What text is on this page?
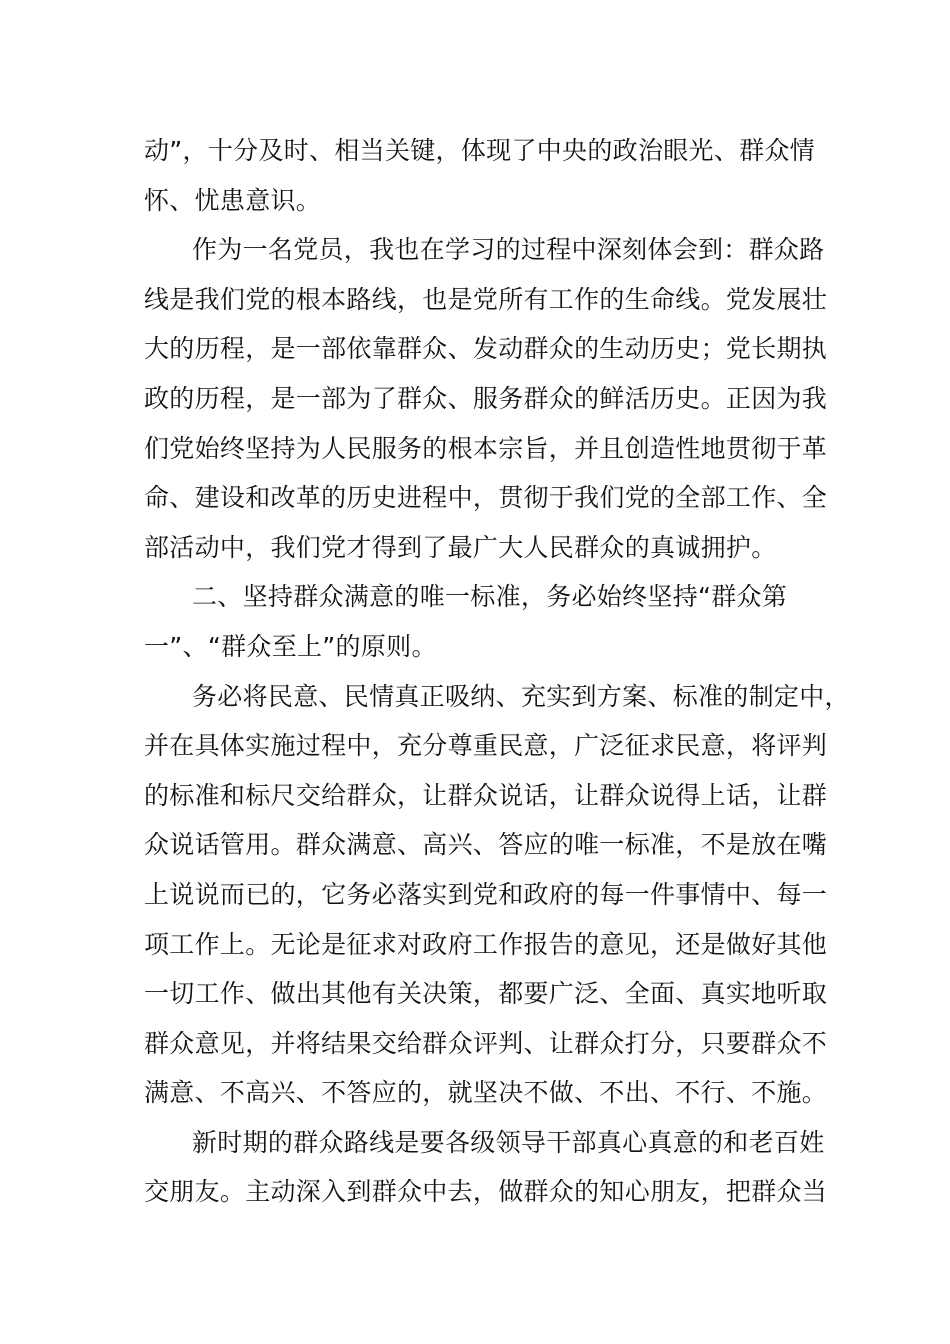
动”，十分及时、相当关键，体现了中央的政治眼光、群众情
怀、忧患意识。
作为一名党员，我也在学习的过程中深刻体会到：群众路
线是我们党的根本路线，也是党所有工作的生命线。党发展壮
大的历程，是一部依靠群众、发动群众的生动历史；党长期执
政的历程，是一部为了群众、服务群众的鲜活历史。正因为我
们党始终坚持为人民服务的根本宗旨，并且创造性地贯彻于革
命、建设和改革的历史进程中，贯彻于我们党的全部工作、全
部活动中，我们党才得到了最广大人民群众的真诚拥护。
二、坚持群众满意的唯一标准，务必始终坚持“群众第
一”、“群众至上”的原则。
务必将民意、民情真正吸纳、充实到方案、标准的制定中，
并在具体实施过程中，充分尊重民意，广泛征求民意，将评判
的标准和标尺交给群众，让群众说话，让群众说得上话，让群
众说话管用。群众满意、高兴、答应的唯一标准，不是放在嘴
上说说而已的，它务必落实到党和政府的每一件事情中、每一
项工作上。无论是征求对政府工作报告的意见，还是做好其他
一切工作、做出其他有关决策，都要广泛、全面、真实地听取
群众意见，并将结果交给群众评判、让群众打分，只要群众不
满意、不高兴、不答应的，就坚决不做、不出、不行、不施。
新时期的群众路线是要各级领导干部真心真意的和老百姓
交朋友。主动深入到群众中去，做群众的知心朋友，把群众当
